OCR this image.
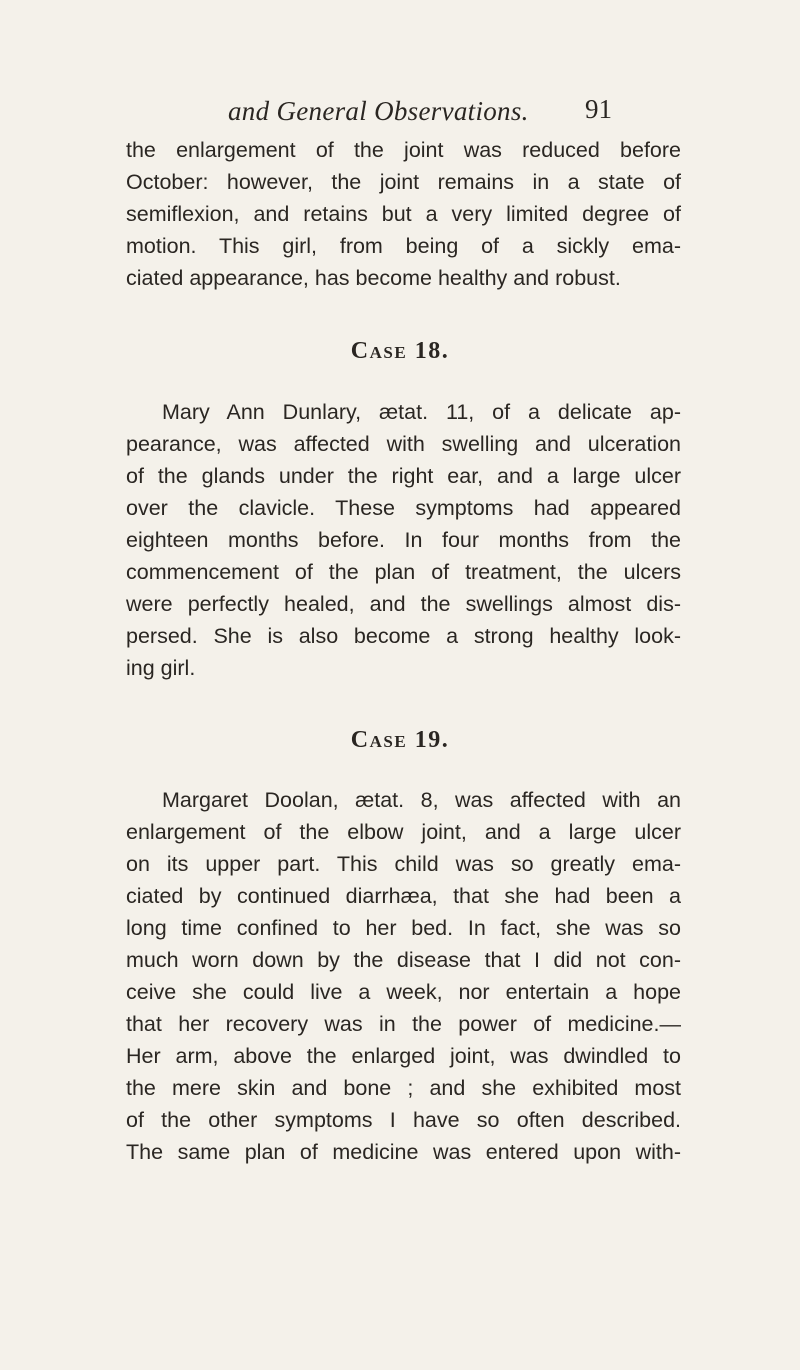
and General Observations.	91

the enlargement of the joint was reduced before

October: however, the joint remains in a state of

semiflexion, and retains but a very limited degree of

motion. This girl, from being of a sickly ema-

ciated appearance, has become healthy and robust.

Case 18.

Mary Ann Dunlary, ætat. 11, of a delicate ap-

pearance, was affected with swelling and ulceration

of the glands under the right ear, and a large ulcer

over the clavicle. These symptoms had appeared

eighteen months before. In four months from the

commencement of the plan of treatment, the ulcers

were perfectly healed, and the swellings almost dis-

persed. She is also become a strong healthy look-

ing girl.

Case 19.

Margaret Doolan, ætat. 8, was affected with an

enlargement of the elbow joint, and a large ulcer

on its upper part. This child was so greatly ema-

ciated by continued diarrhæa, that she had been a

long time confined to her bed. In fact, she was so

much worn down by the disease that I did not con-

ceive she could live a week, nor entertain a hope

that her recovery was in the power of medicine.—

Her arm, above the enlarged joint, was dwindled to

the mere skin and bone ; and she exhibited most

of the other symptoms I have so often described.

The same plan of medicine was entered upon with-
